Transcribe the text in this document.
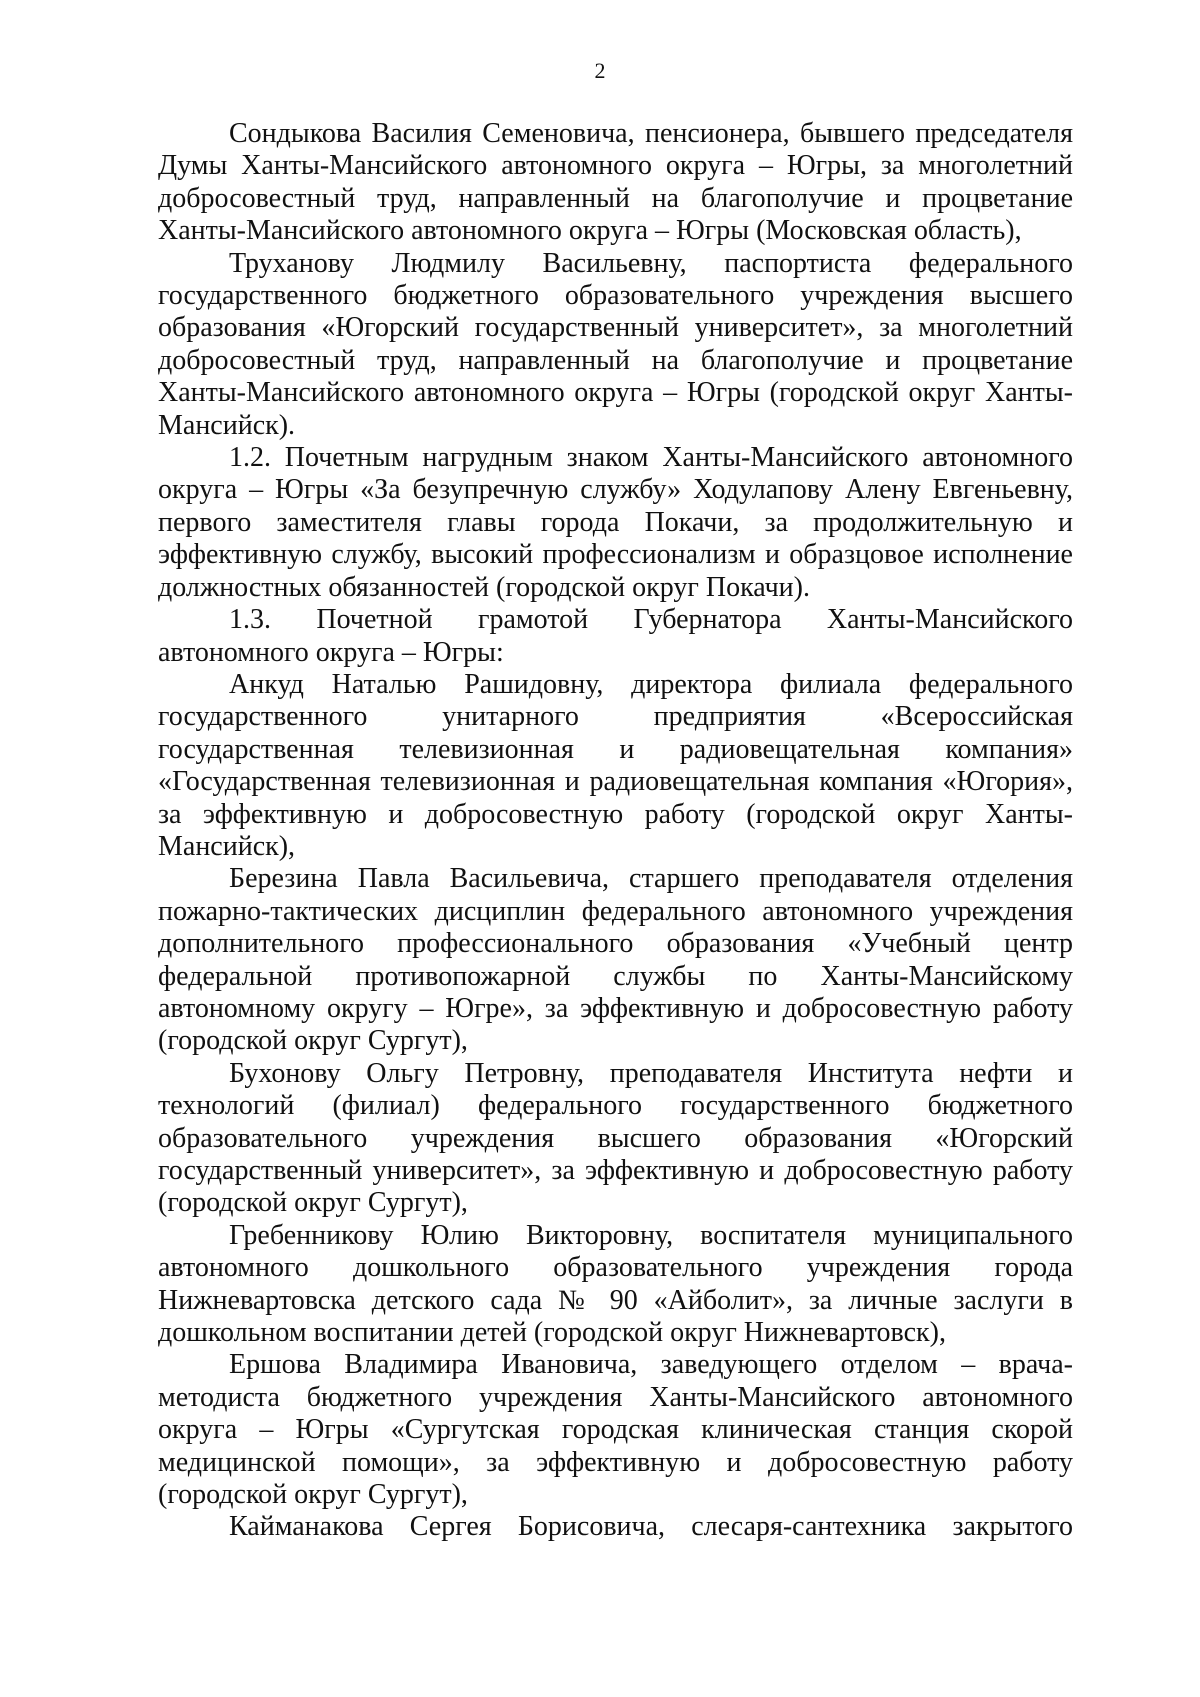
2
Сондыкова Василия Семеновича, пенсионера, бывшего председателя
Думы Ханты-Мансийского автономного округа – Югры, за многолетний
добросовестный труд, направленный на благополучие и процветание
Ханты-Мансийского автономного округа – Югры (Московская область),
Труханову Людмилу Васильевну, паспортиста федерального
государственного бюджетного образовательного учреждения высшего
образования «Югорский государственный университет», за многолетний
добросовестный труд, направленный на благополучие и процветание
Ханты-Мансийского автономного округа – Югры (городской округ Ханты-
Мансийск).
1.2. Почетным нагрудным знаком Ханты-Мансийского автономного
округа – Югры «За безупречную службу» Ходулапову Алену Евгеньевну,
первого заместителя главы города Покачи, за продолжительную и
эффективную службу, высокий профессионализм и образцовое исполнение
должностных обязанностей (городской округ Покачи).
1.3. Почетной грамотой Губернатора Ханты-Мансийского
автономного округа – Югры:
Анкуд Наталью Рашидовну, директора филиала федерального
государственного унитарного предприятия «Всероссийская
государственная телевизионная и радиовещательная компания»
«Государственная телевизионная и радиовещательная компания «Югория»,
за эффективную и добросовестную работу (городской округ Ханты-
Мансийск),
Березина Павла Васильевича, старшего преподавателя отделения
пожарно-тактических дисциплин федерального автономного учреждения
дополнительного профессионального образования «Учебный центр
федеральной противопожарной службы по Ханты-Мансийскому
автономному округу – Югре», за эффективную и добросовестную работу
(городской округ Сургут),
Бухонову Ольгу Петровну, преподавателя Института нефти и
технологий (филиал) федерального государственного бюджетного
образовательного учреждения высшего образования «Югорский
государственный университет», за эффективную и добросовестную работу
(городской округ Сургут),
Гребенникову Юлию Викторовну, воспитателя муниципального
автономного дошкольного образовательного учреждения города
Нижневартовска детского сада № 90 «Айболит», за личные заслуги в
дошкольном воспитании детей (городской округ Нижневартовск),
Ершова Владимира Ивановича, заведующего отделом – врача-
методиста бюджетного учреждения Ханты-Мансийского автономного
округа – Югры «Сургутская городская клиническая станция скорой
медицинской помощи», за эффективную и добросовестную работу
(городской округ Сургут),
Кайманакова Сергея Борисовича, слесаря-сантехника закрытого
